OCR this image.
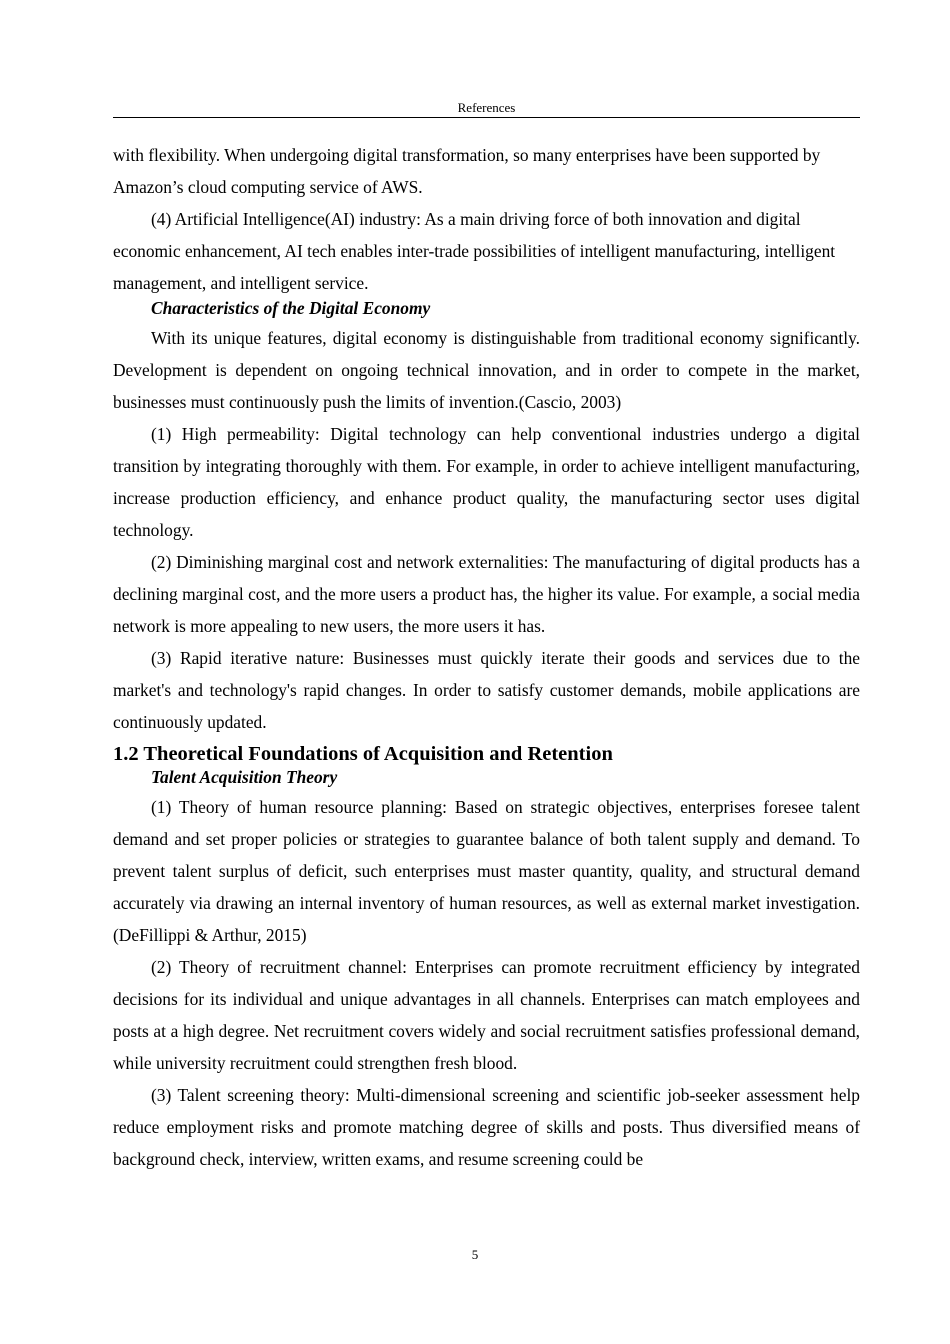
References

with flexibility. When undergoing digital transformation, so many enterprises have been supported by Amazon’s cloud computing service of AWS.

(4) Artificial Intelligence(AI) industry: As a main driving force of both innovation and digital economic enhancement, AI tech enables inter-trade possibilities of intelligent manufacturing, intelligent management, and intelligent service.

Characteristics of the Digital Economy

With its unique features, digital economy is distinguishable from traditional economy significantly. Development is dependent on ongoing technical innovation, and in order to compete in the market, businesses must continuously push the limits of invention.(Cascio, 2003)

(1) High permeability: Digital technology can help conventional industries undergo a digital transition by integrating thoroughly with them. For example, in order to achieve intelligent manufacturing, increase production efficiency, and enhance product quality, the manufacturing sector uses digital technology.

(2) Diminishing marginal cost and network externalities: The manufacturing of digital products has a declining marginal cost, and the more users a product has, the higher its value. For example, a social media network is more appealing to new users, the more users it has.

(3) Rapid iterative nature: Businesses must quickly iterate their goods and services due to the market's and technology's rapid changes. In order to satisfy customer demands, mobile applications are continuously updated.

1.2 Theoretical Foundations of Acquisition and Retention

Talent Acquisition Theory

(1) Theory of human resource planning: Based on strategic objectives, enterprises foresee talent demand and set proper policies or strategies to guarantee balance of both talent supply and demand. To prevent talent surplus of deficit, such enterprises must master quantity, quality, and structural demand accurately via drawing an internal inventory of human resources, as well as external market investigation.(DeFillippi & Arthur, 2015)

(2) Theory of recruitment channel: Enterprises can promote recruitment efficiency by integrated decisions for its individual and unique advantages in all channels. Enterprises can match employees and posts at a high degree. Net recruitment covers widely and social recruitment satisfies professional demand, while university recruitment could strengthen fresh blood.

(3) Talent screening theory: Multi-dimensional screening and scientific job-seeker assessment help reduce employment risks and promote matching degree of skills and posts. Thus diversified means of background check, interview, written exams, and resume screening could be

5
